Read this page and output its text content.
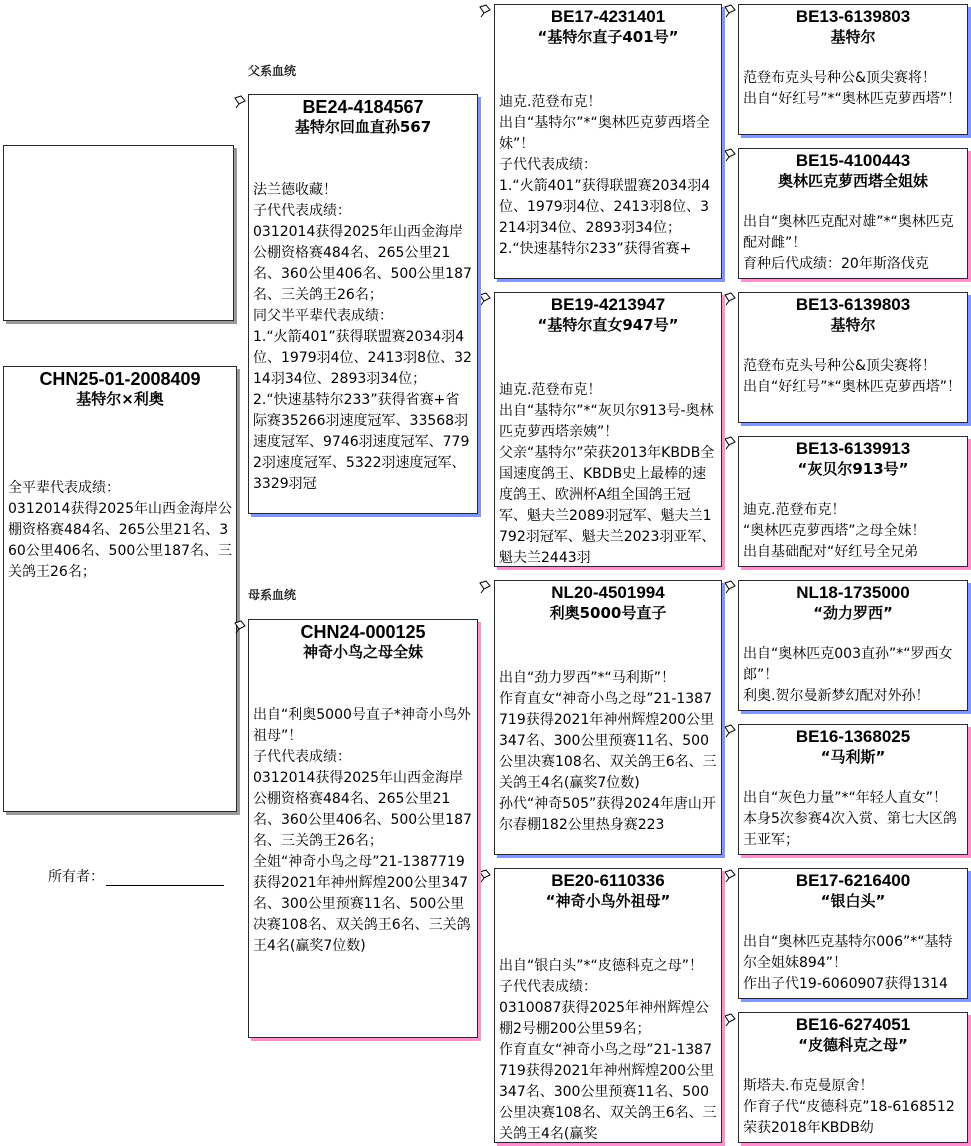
CHN25-01-2008409
基特尔×利奥
全平辈代表成绩：
0312014获得2025年山西金海岸公棚资格赛484名、265公里21名、360公里406名、500公里187名、三关鸽王26名；
所有者：
父系血统
母系血统
BE24-4184567
基特尔回血直孙567
法兰德收藏！
子代代表成绩：
0312014获得2025年山西金海岸公棚资格赛484名、265公里21名、360公里406名、500公里187名、三关鸽王26名；
同父半平辈代表成绩：
1.“火箭401”获得联盟赛2034羽4位、1979羽4位、2413羽8位、3214羽34位、2893羽34位；
2.“快速基特尔233”获得省赛+省际赛35266羽速度冠军、33568羽速度冠军、9746羽速度冠军、7792羽速度冠军、5322羽速度冠军、3329羽冠
CHN24-000125
神奇小鸟之母全妹
出自“利奥5000号直子*神奇小鸟外祖母”！
子代代表成绩：
0312014获得2025年山西金海岸公棚资格赛484名、265公里21名、360公里406名、500公里187名、三关鸽王26名；
全姐“神奇小鸟之母”21-1387719获得2021年神州辉煌200公里347名、300公里预赛11名、500公里决赛108名、双关鸽王6名、三关鸽王4名(赢奖7位数)
BE17-4231401
“基特尔直子401号”
迪克.范登布克！
出自“基特尔”*“奥林匹克萝西塔全妹”！
子代代表成绩：
1.“火箭401”获得联盟赛2034羽4位、1979羽4位、2413羽8位、3214羽34位、2893羽34位；
2.“快速基特尔233”获得省赛+
BE19-4213947
“基特尔直女947号”
迪克.范登布克！
出自“基特尔”*“灰贝尔913号-奥林匹克萝西塔亲姨”！
父亲“基特尔”荣获2013年KBDB全国速度鸽王、KBDB史上最棒的速度鸽王、欧洲杯A组全国鸽王冠军、魁夫兰2089羽冠军、魁夫兰1792羽冠军、魁夫兰2023羽亚军、魁夫兰2443羽
NL20-4501994
利奥5000号直子
出自“劲力罗西”*“马利斯”！
作育直女“神奇小鸟之母”21-1387719获得2021年神州辉煌200公里347名、300公里预赛11名、500公里决赛108名、双关鸽王6名、三关鸽王4名(赢奖7位数)
孙代“神奇505”获得2024年唐山开尔春棚182公里热身赛223
BE20-6110336
“神奇小鸟外祖母”
出自“银白头”*“皮德科克之母”！
子代代表成绩：
0310087获得2025年神州辉煌公棚2号棚200公里59名；
作育直女“神奇小鸟之母”21-1387719获得2021年神州辉煌200公里347名、300公里预赛11名、500公里决赛108名、双关鸽王6名、三关鸽王4名(赢奖
BE13-6139803
基特尔
范登布克头号种公&顶尖赛将！
出自“好红号”*“奥林匹克萝西塔”！
BE15-4100443
奥林匹克萝西塔全姐妹
出自“奥林匹克配对雄”*“奥林匹克配对雌”！
育种后代成绩：20年斯洛伐克
BE13-6139803
基特尔
范登布克头号种公&顶尖赛将！
出自“好红号”*“奥林匹克萝西塔”！
BE13-6139913
“灰贝尔913号”
迪克.范登布克！
“奥林匹克萝西塔”之母全妹！
出自基础配对“好红号全兄弟
NL18-1735000
“劲力罗西”
出自“奥林匹克003直孙”*“罗西女郎”！
利奥.贺尔曼新梦幻配对外孙！
BE16-1368025
“马利斯”
出自“灰色力量”*“年轻人直女”！
本身5次参赛4次入赏、第七大区鸽王亚军；
BE17-6216400
“银白头”
出自“奥林匹克基特尔006”*“基特尔全姐妹894”！
作出子代19-6060907获得1314
BE16-6274051
“皮德科克之母”
斯塔夫.布克曼原舍！
作育子代“皮德科克”18-6168512荣获2018年KBDB幼
